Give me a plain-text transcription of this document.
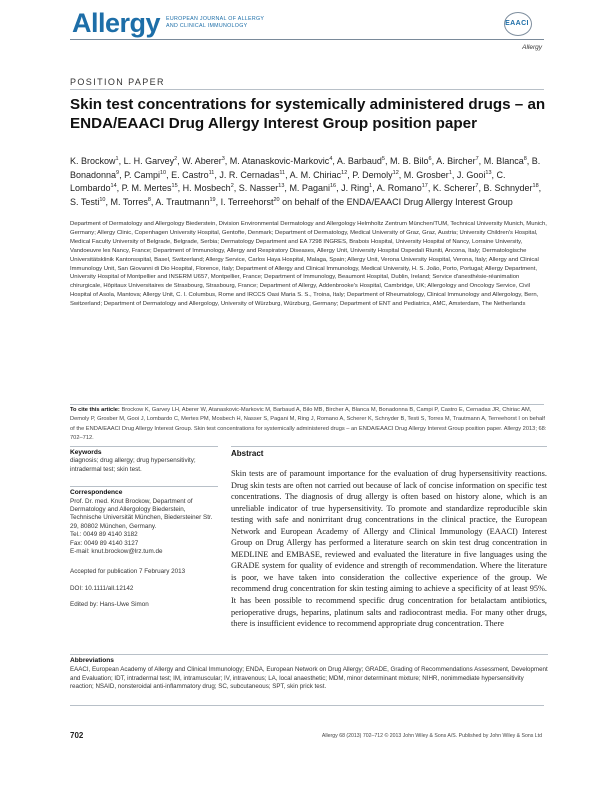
Allergy EUROPEAN JOURNAL OF ALLERGY
AND CLINICAL IMMUNOLOGY	EAACI
Allergy
POSITION PAPER
Skin test concentrations for systemically administered drugs – an ENDA/EAACI Drug Allergy Interest Group position paper
K. Brockow$^1$, L. H. Garvey$^2$, W. Aberer$^3$, M. Atanaskovic-Markovic$^4$, A. Barbaud$^5$, M. B. Bilo$^6$, A. Bircher$^7$, M. Blanca$^8$, B. Bonadonna$^9$, P. Campi$^{10}$, E. Castro$^{11}$, J. R. Cernadas$^{11}$, A. M. Chiriac$^{12}$, P. Demoly$^{12}$, M. Grosber$^1$, J. Gooi$^{13}$, C. Lombardo$^{14}$, P. M. Mertes$^{15}$, H. Mosbech$^2$, S. Nasser$^{13}$, M. Pagani$^{16}$, J. Ring$^1$, A. Romano$^{17}$, K. Scherer$^7$, B. Schnyder$^{18}$, S. Testi$^{10}$, M. Torres$^8$, A. Trautmann$^{19}$, I. Terreehorst$^{20}$ on behalf of the ENDA/EAACI Drug Allergy Interest Group
Department of Dermatology and Allergology Biederstein, Division Environmental Dermatology and Allergology Helmholtz Zentrum München/TUM, Technical University Munich, Munich, Germany; Allergy Clinic, Copenhagen University Hospital, Gentofte, Denmark; Department of Dermatology, Medical University of Graz, Graz, Austria; University Children's Hospital, Medical Faculty University of Belgrade, Belgrade, Serbia; Dermatology Department and EA 7298 INGRES, Brabois Hospital, University Hospital of Nancy, Lorraine University, Vandoeuvre les Nancy, France; Department of Immunology, Allergy and Respiratory Diseases, Allergy Unit, University Hospital Ospedali Riuniti, Ancona, Italy; Dermatologische Universitätsklinik Kantonsspital, Basel, Switzerland; Allergy Service, Carlos Haya Hospital, Malaga, Spain; Allergy Unit, Verona University Hospital, Verona, Italy; Allergy and Clinical Immunology Unit, San Giovanni di Dio Hospital, Florence, Italy; Department of Allergy and Clinical Immunology, Medical University, H. S. João, Porto, Portugal; Allergy Department, University Hospital of Montpellier and INSERM U657, Montpellier, France; Department of Immunology, Beaumont Hospital, Dublin, Ireland; Service d'anesthésie-réanimation chirurgicale, Hôpitaux Universitaires de Strasbourg, Strasbourg, France; Department of Allergy, Addenbrooke's Hospital, Cambridge, UK; Allergology and Oncology Service, Civil Hospital of Asola, Mantova; Allergy Unit, C. I. Columbus, Rome and IRCCS Oasi Maria S. S., Troina, Italy; Department of Rheumatology, Clinical Immunology and Allergology, Bern, Switzerland; Department of Dermatology and Allergology, University of Würzburg, Würzburg, Germany; Department of ENT and Pediatrics, AMC, Amsterdam, The Netherlands
To cite this article: Brockow K, Garvey LH, Aberer W, Atanaskovic-Markovic M, Barbaud A, Bilo MB, Bircher A, Blanca M, Bonadonna B, Campi P, Castro E, Cernadas JR, Chiriac AM, Demoly P, Grosber M, Gooi J, Lombardo C, Mertes PM, Mosbech H, Nasser S, Pagani M, Ring J, Romano A, Scherer K, Schnyder B, Testi S, Torres M, Trautmann A, Terreehorst I on behalf of the ENDA/EAACI Drug Allergy Interest Group. Skin test concentrations for systemically administered drugs – an ENDA/EAACI Drug Allergy Interest Group position paper. Allergy 2013; 68: 702–712.
Keywords
diagnosis; drug allergy; drug hypersensitivity; intradermal test; skin test.
Correspondence
Prof. Dr. med. Knut Brockow, Department of Dermatology and Allergology Biederstein, Technische Universität München, Biedersteiner Str. 29, 80802 München, Germany.
Tel.: 0049 89 4140 3182
Fax: 0049 89 4140 3127
E-mail: knut.brockow@lrz.tum.de
Accepted for publication 7 February 2013
DOI: 10.1111/all.12142
Edited by: Hans-Uwe Simon
Abstract

Skin tests are of paramount importance for the evaluation of drug hypersensitivity reactions. Drug skin tests are often not carried out because of lack of concise information on specific test concentrations. The diagnosis of drug allergy is often based on history alone, which is an unreliable indicator of true hypersensitivity. To promote and standardize reproducible skin testing with safe and nonirritant drug concentrations in the clinical practice, the European Network and European Academy of Allergy and Clinical Immunology (EAACI) Interest Group on Drug Allergy has performed a literature search on skin test drug concentration in MEDLINE and EMBASE, reviewed and evaluated the literature in five languages using the GRADE system for quality of evidence and strength of recommendation. Where the literature is poor, we have taken into consideration the collective experience of the group. We recommend drug concentration for skin testing aiming to achieve a specificity of at least 95%. It has been possible to recommend specific drug concentration for betalactam antibiotics, perioperative drugs, heparins, platinum salts and radiocontrast media. For many other drugs, there is insufficient evidence to recommend appropriate drug concentration. There

Abbreviations
EAACI, European Academy of Allergy and Clinical Immunology; ENDA, European Network on Drug Allergy; GRADE, Grading of Recommendations Assessment, Development and Evaluation; IDT, intradermal test; IM, intramuscular; IV, intravenous; LA, local anaesthetic; MDM, minor determinant mixture; NIHR, nonimmediate hypersensitivity reaction; NSAID, nonsteroidal anti-inflammatory drug; SC, subcutaneous; SPT, skin prick test.
702	Allergy 68 (2013) 702–712 © 2013 John Wiley & Sons A/S. Published by John Wiley & Sons Ltd
